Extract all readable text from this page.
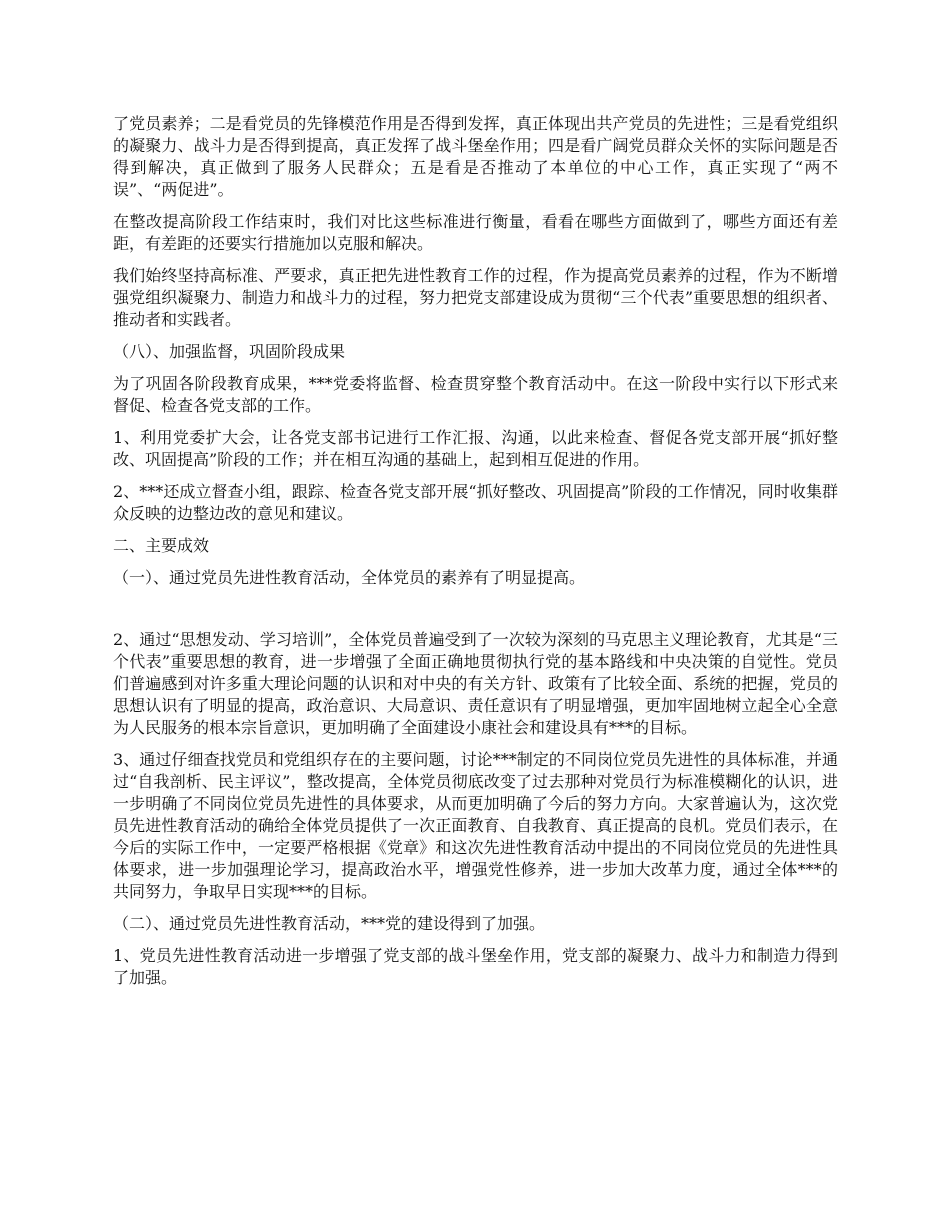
了党员素养；二是看党员的先锋模范作用是否得到发挥，真正体现出共产党员的先进性；三是看党组织的凝聚力、战斗力是否得到提高，真正发挥了战斗堡垒作用；四是看广阔党员群众关怀的实际问题是否得到解决，真正做到了服务人民群众；五是看是否推动了本单位的中心工作，真正实现了“两不误”、“两促进”。

在整改提高阶段工作结束时，我们对比这些标准进行衡量，看看在哪些方面做到了，哪些方面还有差距，有差距的还要实行措施加以克服和解决。

我们始终坚持高标准、严要求，真正把先进性教育工作的过程，作为提高党员素养的过程，作为不断增强党组织凝聚力、制造力和战斗力的过程，努力把党支部建设成为贯彻“三个代表”重要思想的组织者、推动者和实践者。

（八）、加强监督，巩固阶段成果

为了巩固各阶段教育成果，***党委将监督、检查贯穿整个教育活动中。在这一阶段中实行以下形式来督促、检查各党支部的工作。

1、利用党委扩大会，让各党支部书记进行工作汇报、沟通，以此来检查、督促各党支部开展“抓好整改、巩固提高”阶段的工作；并在相互沟通的基础上，起到相互促进的作用。

2、***还成立督查小组，跟踪、检查各党支部开展“抓好整改、巩固提高”阶段的工作情况，同时收集群众反映的边整边改的意见和建议。

二、主要成效

（一）、通过党员先进性教育活动，全体党员的素养有了明显提高。

2、通过“思想发动、学习培训”，全体党员普遍受到了一次较为深刻的马克思主义理论教育，尤其是“三个代表”重要思想的教育，进一步增强了全面正确地贯彻执行党的基本路线和中央决策的自觉性。党员们普遍感到对许多重大理论问题的认识和对中央的有关方针、政策有了比较全面、系统的把握，党员的思想认识有了明显的提高，政治意识、大局意识、责任意识有了明显增强，更加牢固地树立起全心全意为人民服务的根本宗旨意识，更加明确了全面建设小康社会和建设具有***的目标。

3、通过仔细查找党员和党组织存在的主要问题，讨论***制定的不同岗位党员先进性的具体标准，并通过“自我剖析、民主评议”，整改提高，全体党员彻底改变了过去那种对党员行为标准模糊化的认识，进一步明确了不同岗位党员先进性的具体要求，从而更加明确了今后的努力方向。大家普遍认为，这次党员先进性教育活动的确给全体党员提供了一次正面教育、自我教育、真正提高的良机。党员们表示，在今后的实际工作中，一定要严格根据《党章》和这次先进性教育活动中提出的不同岗位党员的先进性具体要求，进一步加强理论学习，提高政治水平，增强党性修养，进一步加大改革力度，通过全体***的共同努力，争取早日实现***的目标。

（二）、通过党员先进性教育活动，***党的建设得到了加强。

1、党员先进性教育活动进一步增强了党支部的战斗堡垒作用，党支部的凝聚力、战斗力和制造力得到了加强。
